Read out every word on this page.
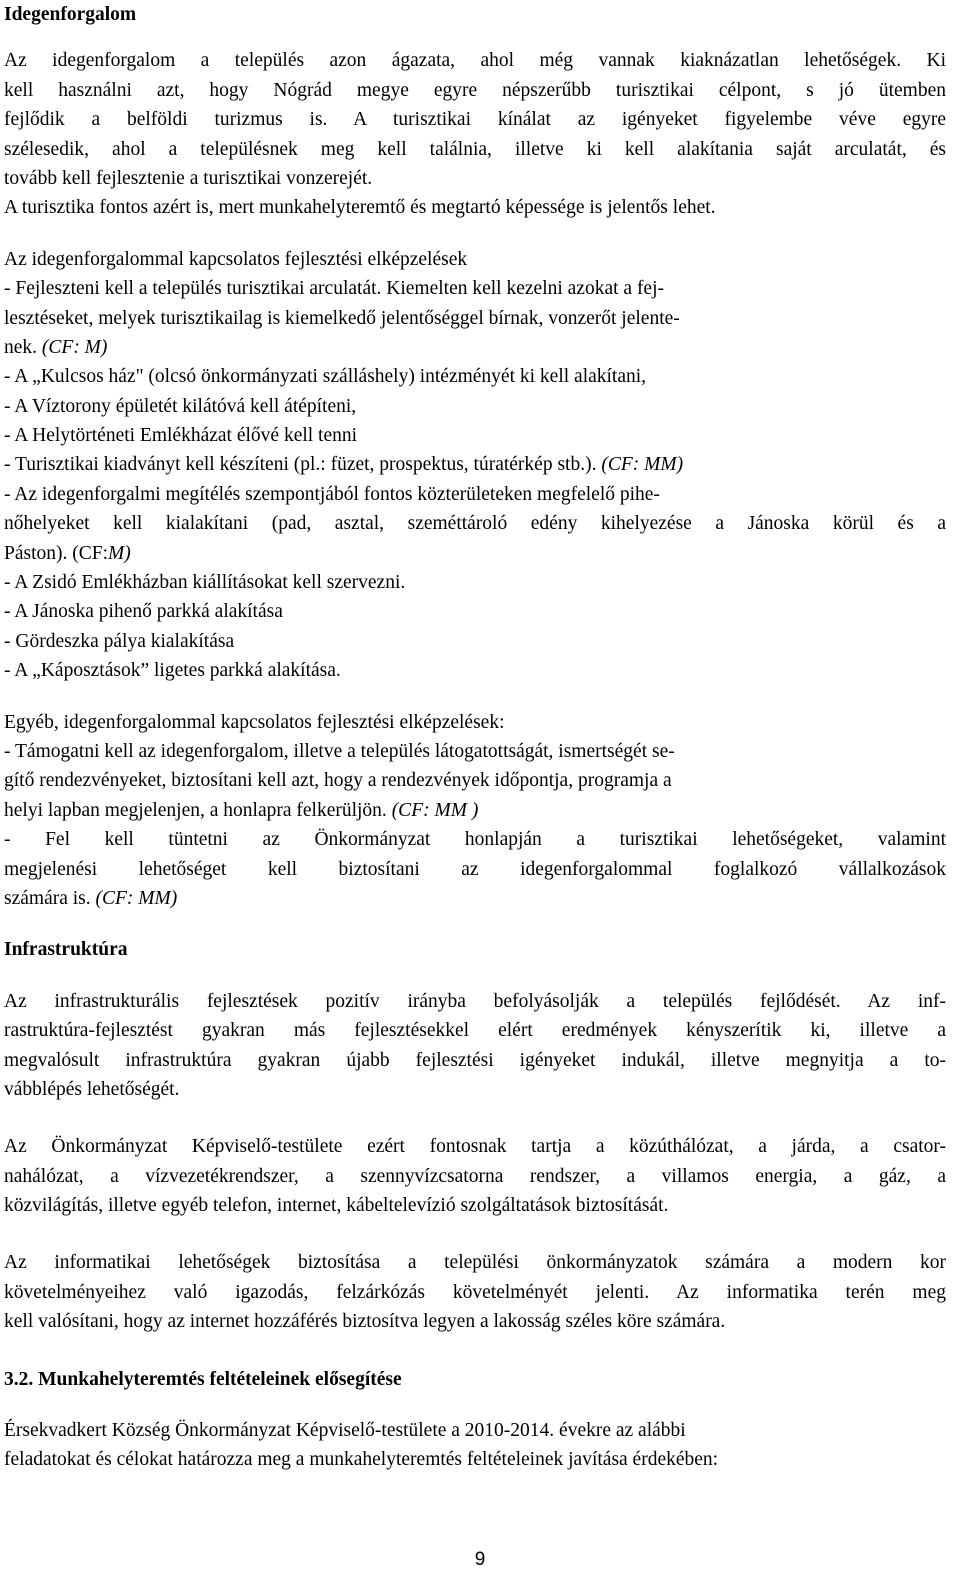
Idegenforgalom
Az idegenforgalom a település azon ágazata, ahol még vannak kiaknázatlan lehetőségek. Ki
kell használni azt, hogy Nógrád megye egyre népszerűbb turisztikai célpont, s jó ütemben
fejlődik a belföldi turizmus is. A turisztikai kínálat az igényeket figyelembe véve egyre
szélesedik, ahol a településnek meg kell találnia, illetve ki kell alakítania saját arculatát, és
tovább kell fejlesztenie a turisztikai vonzerejét.
A turisztika fontos azért is, mert munkahelyteremtő és megtartó képessége is jelentős lehet.
Az idegenforgalommal kapcsolatos fejlesztési elképzelések
- Fejleszteni kell a település turisztikai arculatát. Kiemelten kell kezelni azokat a fej-
lesztéseket, melyek turisztikailag is kiemelkedő jelentőséggel bírnak, vonzerőt jelente-
nek. (CF: M)
- A „Kulcsos ház" (olcsó önkormányzati szálláshely) intézményét ki kell alakítani,
- A Víztorony épületét kilátóvá kell átépíteni,
- A Helytörténeti Emlékházat élővé kell tenni
- Turisztikai kiadványt kell készíteni (pl.: füzet, prospektus, túratérkép stb.). (CF: MM)
- Az idegenforgalmi megítélés szempontjából fontos közterületeken megfelelő pihe-
nőhelyeket kell kialakítani (pad, asztal, szeméttároló edény kihelyezése a Jánoska körül és a
Páston). (CF:M)
- A Zsidó Emlékházban kiállításokat kell szervezni.
- A Jánoska pihenő parkká alakítása
- Gördeszka pálya kialakítása
- A „Káposztások” ligetes parkká alakítása.
Egyéb, idegenforgalommal kapcsolatos fejlesztési elképzelések:
- Támogatni kell az idegenforgalom, illetve a település látogatottságát, ismertségét se-
gítő rendezvényeket, biztosítani kell azt, hogy a rendezvények időpontja, programja a
helyi lapban megjelenjen, a honlapra felkerüljön. (CF: MM )
- Fel kell tüntetni az Önkormányzat honlapján a turisztikai lehetőségeket, valamint
megjelenési lehetőséget kell biztosítani az idegenforgalommal foglalkozó vállalkozások
számára is. (CF: MM)
Infrastruktúra
Az infrastrukturális fejlesztések pozitív irányba befolyásolják a település fejlődését. Az inf-
rastruktúra-fejlesztést gyakran más fejlesztésekkel elért eredmények kényszerítik ki, illetve a
megvalósult infrastruktúra gyakran újabb fejlesztési igényeket indukál, illetve megnyitja a to-
vábblépés lehetőségét.
Az Önkormányzat Képviselő-testülete ezért fontosnak tartja a közúthálózat, a járda, a csator-
nahálózat, a vízvezetékrendszer, a szennyvízcsatorna rendszer, a villamos energia, a gáz, a
közvilágítás, illetve egyéb telefon, internet, kábeltelevízió szolgáltatások biztosítását.
Az informatikai lehetőségek biztosítása a települési önkormányzatok számára a modern kor
követelményeihez való igazodás, felzárkózás követelményét jelenti. Az informatika terén meg
kell valósítani, hogy az internet hozzáférés biztosítva legyen a lakosság széles köre számára.
3.2. Munkahelyteremtés feltételeinek elősegítése
Érsekvadkert Község Önkormányzat Képviselő-testülete a 2010-2014. évekre az alábbi
feladatokat és célokat határozza meg a munkahelyteremtés feltételeinek javítása érdekében:
9
